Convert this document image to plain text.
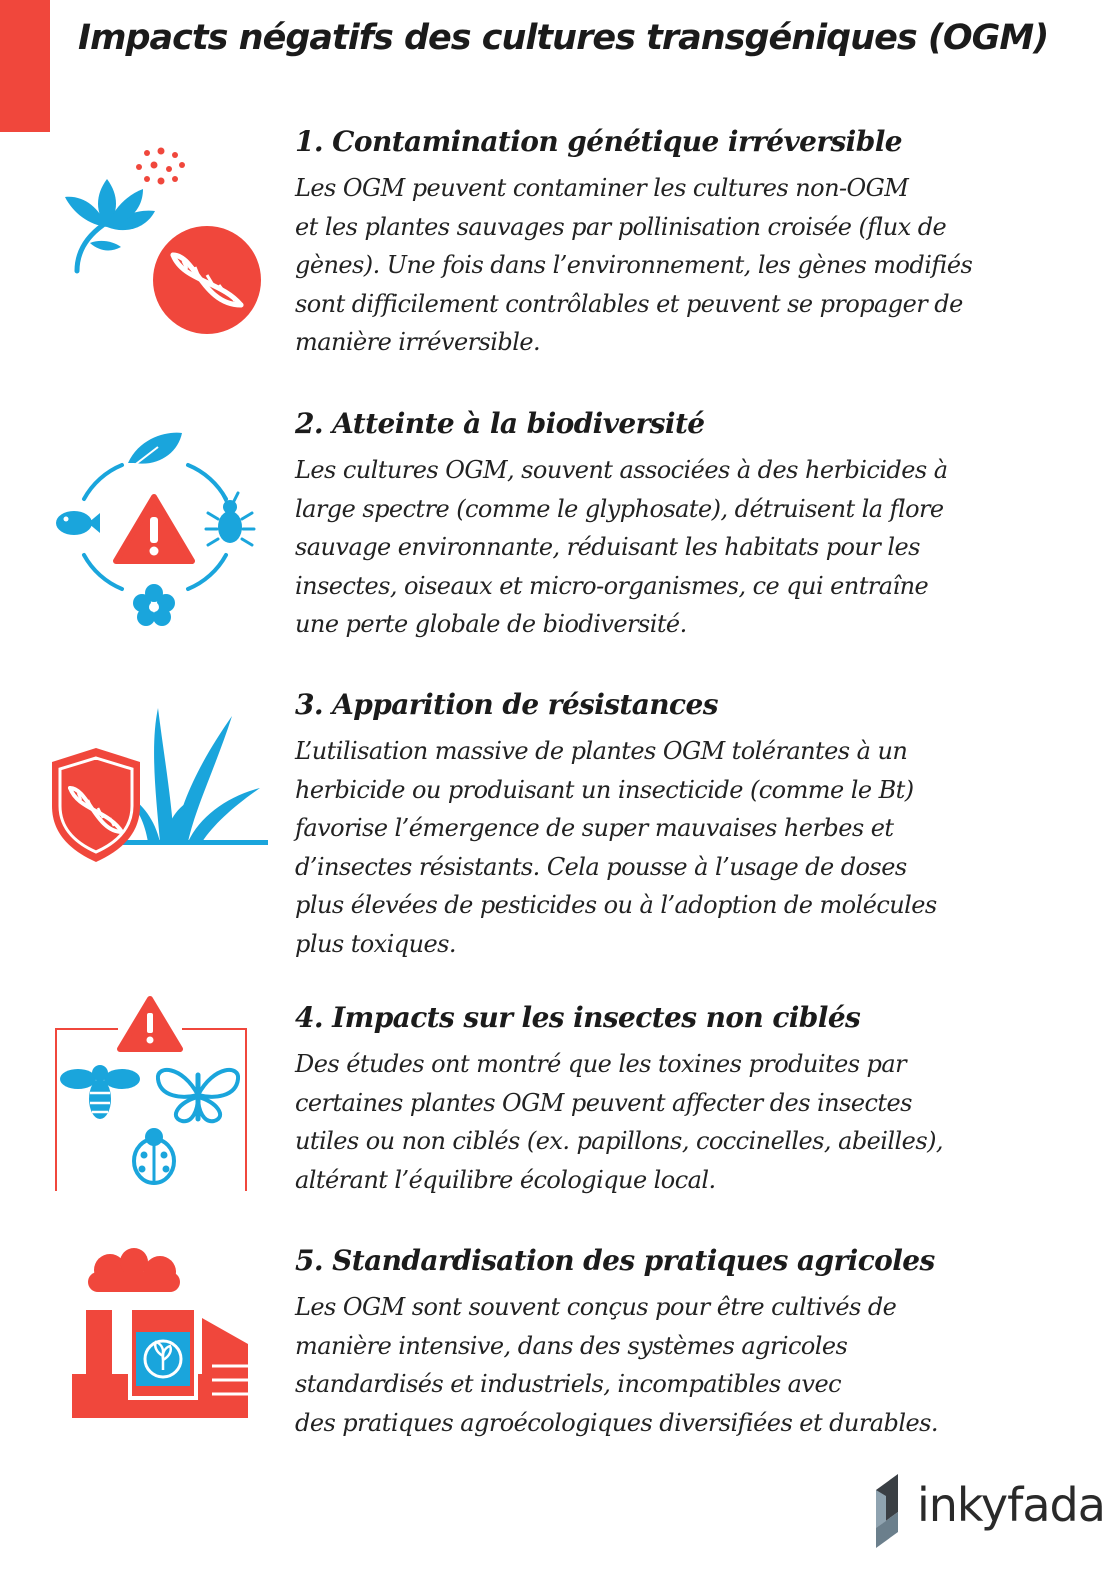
Impacts négatifs des cultures transgéniques (OGM)
1. Contamination génétique irréversible

Les OGM peuvent contaminer les cultures non-OGM
et les plantes sauvages par pollinisation croisée (flux de
gènes). Une fois dans l’environnement, les gènes modifiés
sont difficilement contrôlables et peuvent se propager de
manière irréversible.

2. Atteinte à la biodiversité

Les cultures OGM, souvent associées à des herbicides à
large spectre (comme le glyphosate), détruisent la flore
sauvage environnante, réduisant les habitats pour les
insectes, oiseaux et micro-organismes, ce qui entraîne
une perte globale de biodiversité.

3. Apparition de résistances

L’utilisation massive de plantes OGM tolérantes à un
herbicide ou produisant un insecticide (comme le Bt)
favorise l’émergence de super mauvaises herbes et
d’insectes résistants. Cela pousse à l’usage de doses
plus élevées de pesticides ou à l’adoption de molécules
plus toxiques.

4. Impacts sur les insectes non ciblés

Des études ont montré que les toxines produites par
certaines plantes OGM peuvent affecter des insectes
utiles ou non ciblés (ex. papillons, coccinelles, abeilles),
altérant l’équilibre écologique local.

5. Standardisation des pratiques agricoles

Les OGM sont souvent conçus pour être cultivés de
manière intensive, dans des systèmes agricoles
standardisés et industriels, incompatibles avec
des pratiques agroécologiques diversifiées et durables.

inkyfada
